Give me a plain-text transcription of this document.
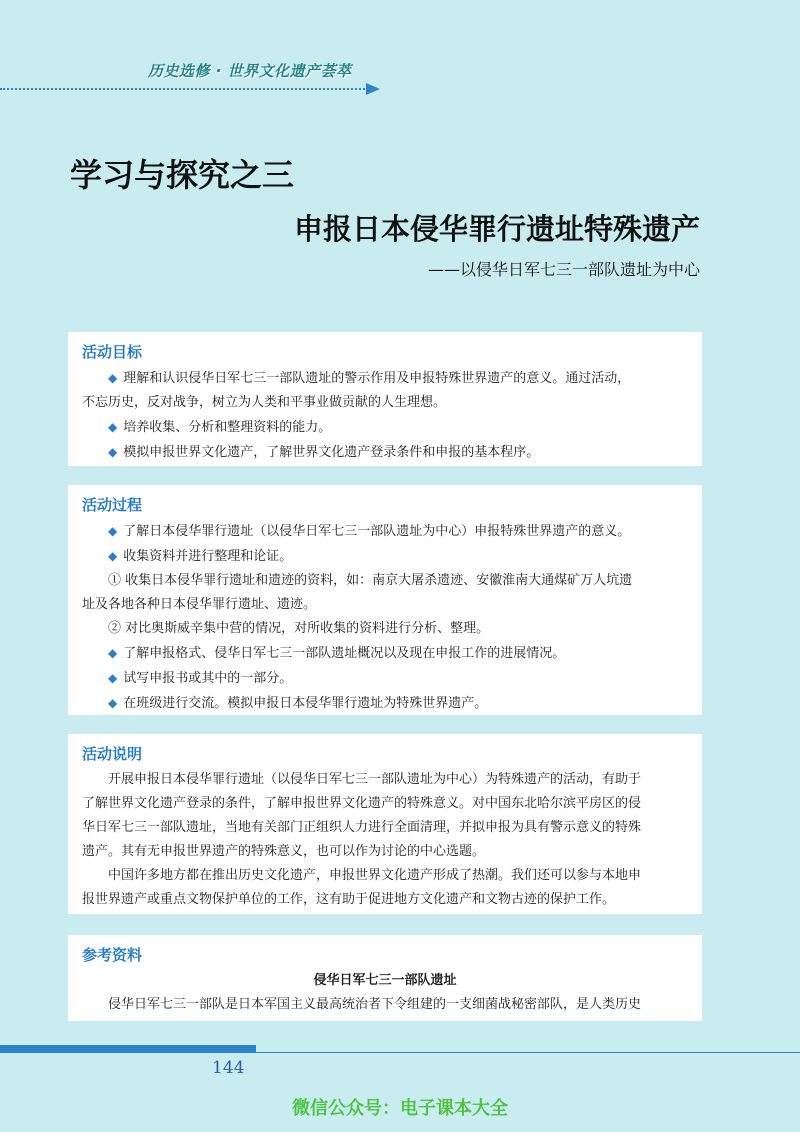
历史选修 · 世界文化遗产荟萃
学习与探究之三
申报日本侵华罪行遗址特殊遗产

——以侵华日军七三一部队遗址为中心

活动目标

◆ 理解和认识侵华日军七三一部队遗址的警示作用及申报特殊世界遗产的意义。通过活动，

不忘历史，反对战争，树立为人类和平事业做贡献的人生理想。

◆ 培养收集、分析和整理资料的能力。

◆ 模拟申报世界文化遗产，了解世界文化遗产登录条件和申报的基本程序。

活动过程

◆ 了解日本侵华罪行遗址（以侵华日军七三一部队遗址为中心）申报特殊世界遗产的意义。

◆ 收集资料并进行整理和论证。

① 收集日本侵华罪行遗址和遗迹的资料，如：南京大屠杀遗迹、安徽淮南大通煤矿万人坑遗

址及各地各种日本侵华罪行遗址、遗迹。

② 对比奥斯威辛集中营的情况，对所收集的资料进行分析、整理。

◆ 了解申报格式、侵华日军七三一部队遗址概况以及现在申报工作的进展情况。

◆ 试写申报书或其中的一部分。

◆ 在班级进行交流。模拟申报日本侵华罪行遗址为特殊世界遗产。

活动说明

开展申报日本侵华罪行遗址（以侵华日军七三一部队遗址为中心）为特殊遗产的活动，有助于

了解世界文化遗产登录的条件，了解申报世界文化遗产的特殊意义。对中国东北哈尔滨平房区的侵

华日军七三一部队遗址，当地有关部门正组织人力进行全面清理，并拟申报为具有警示意义的特殊

遗产。其有无申报世界遗产的特殊意义，也可以作为讨论的中心选题。

中国许多地方都在推出历史文化遗产，申报世界文化遗产形成了热潮。我们还可以参与本地申

报世界遗产或重点文物保护单位的工作，这有助于促进地方文化遗产和文物古迹的保护工作。

参考资料

侵华日军七三一部队遗址

侵华日军七三一部队是日本军国主义最高统治者下令组建的一支细菌战秘密部队，是人类历史

144
微信公众号：电子课本大全
